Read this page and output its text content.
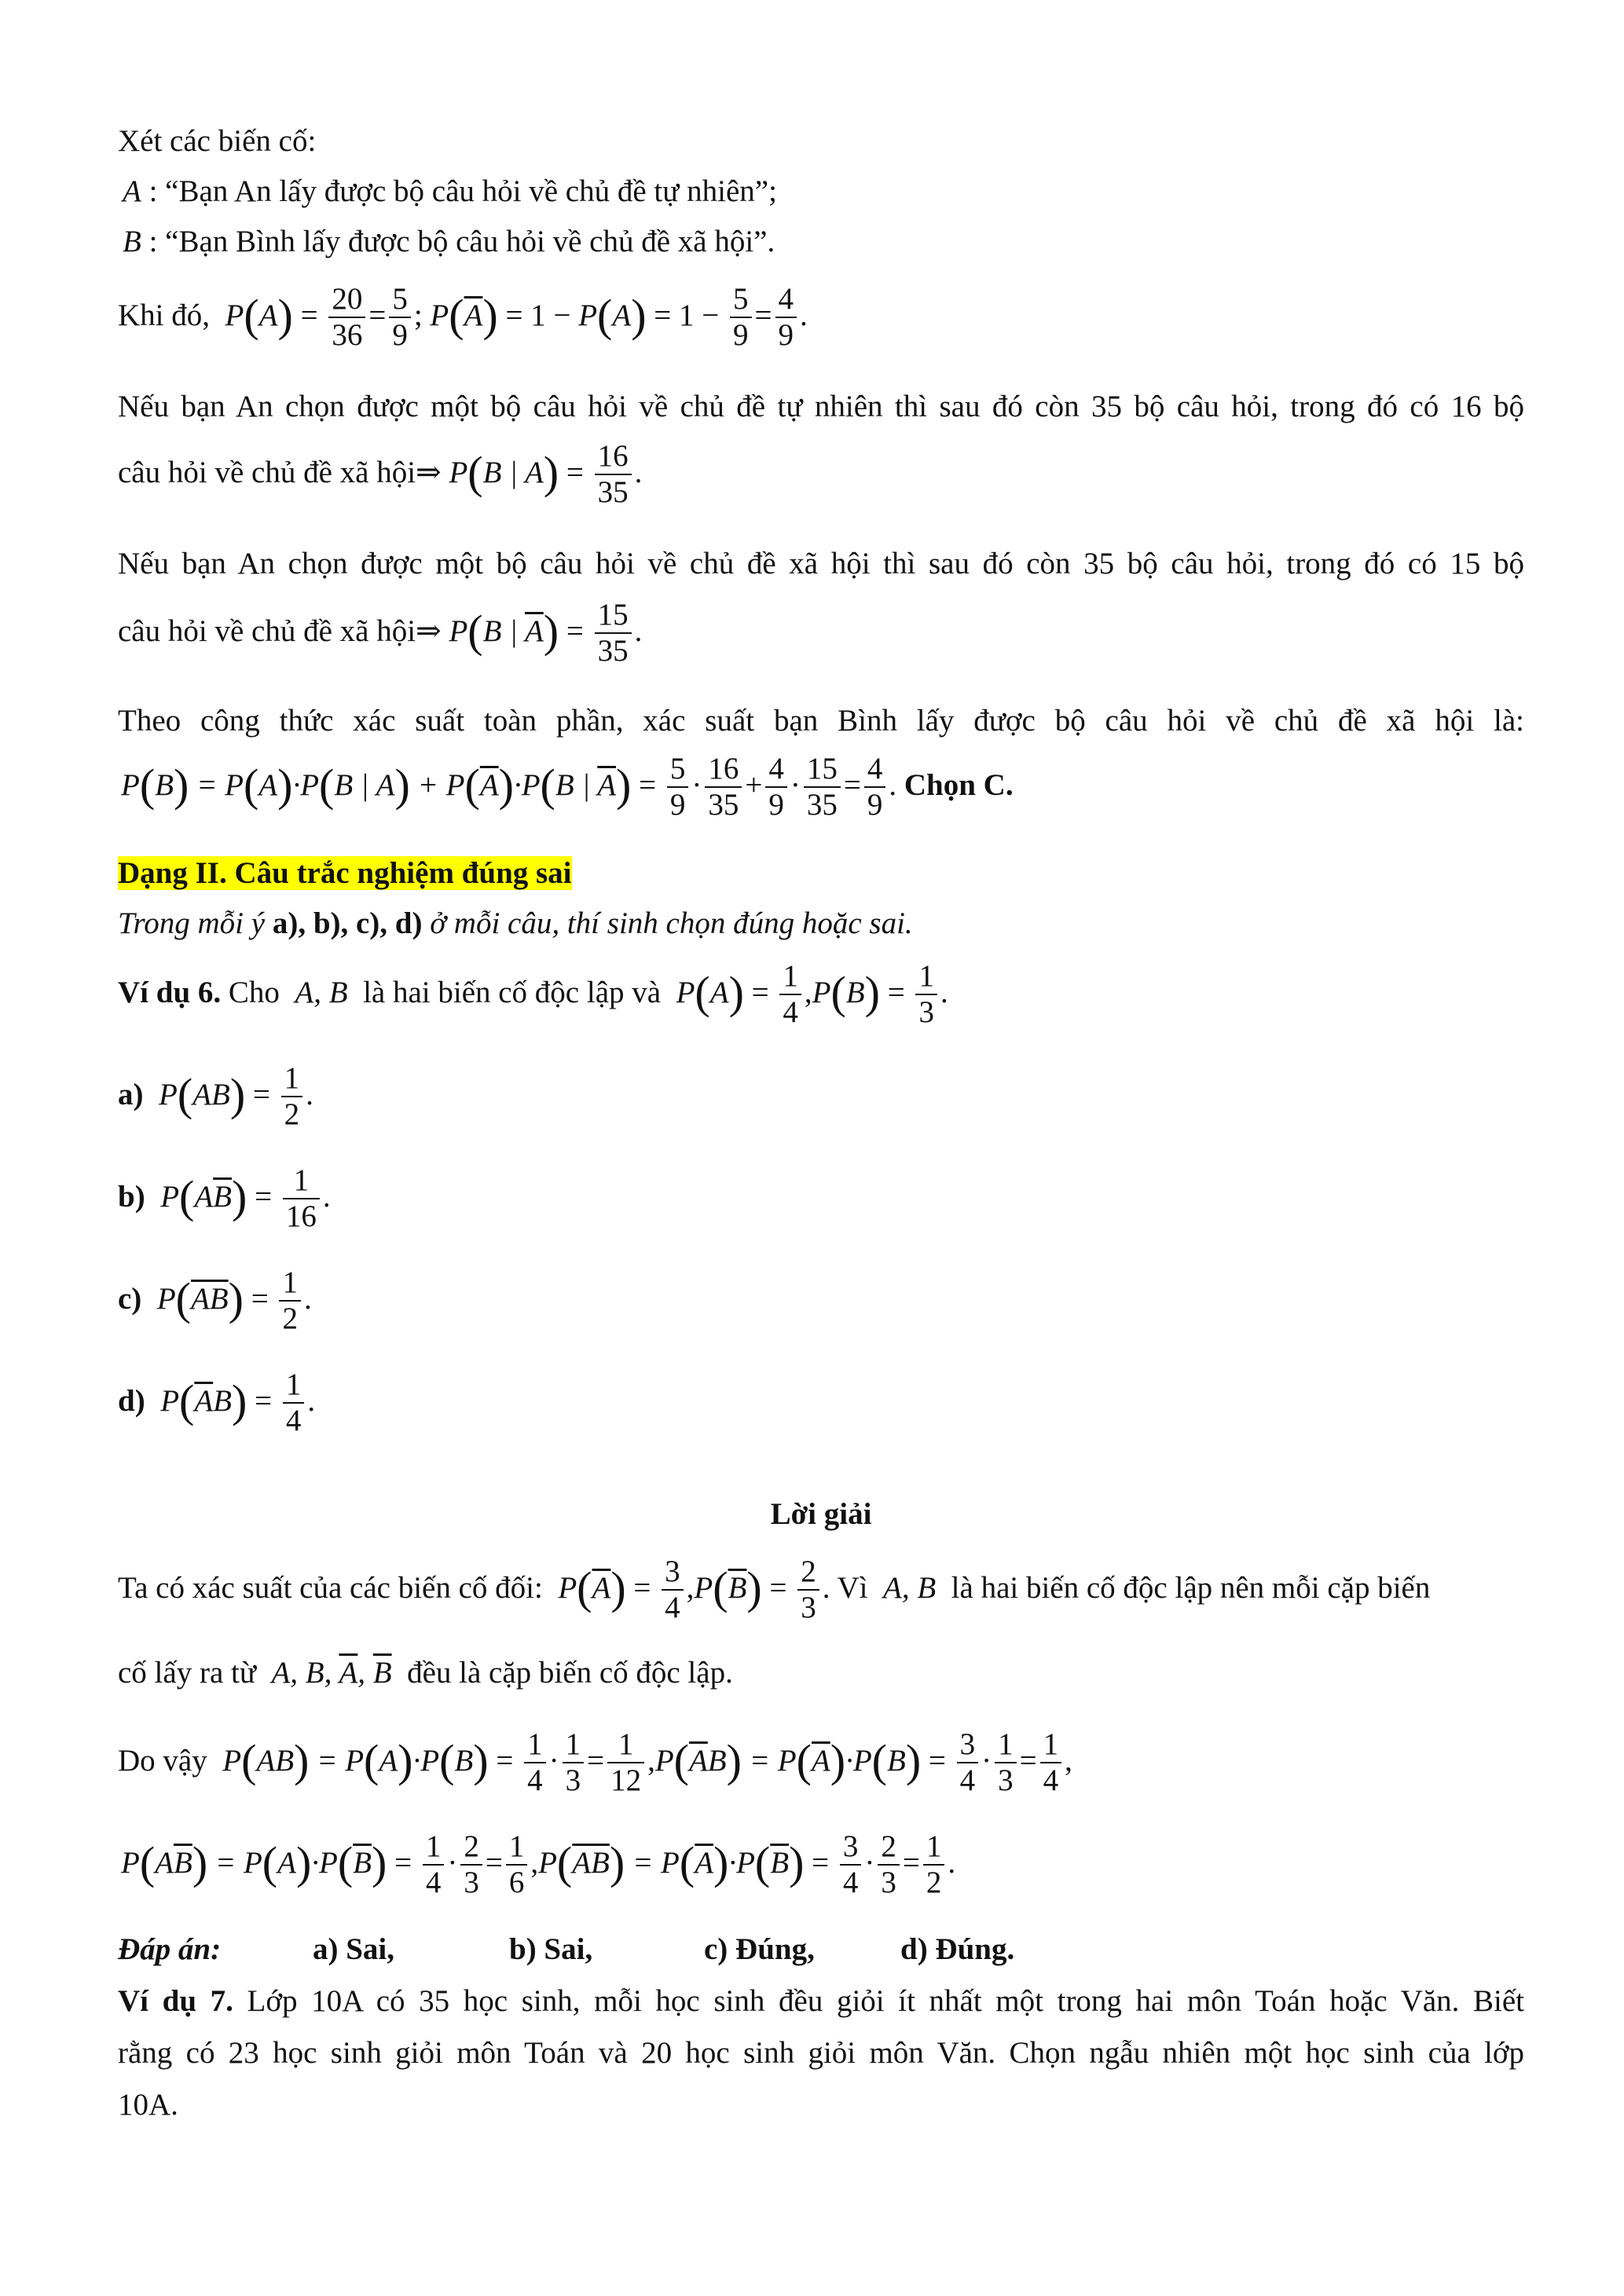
Xét các biến cố:
A : “Bạn An lấy được bộ câu hỏi về chủ đề tự nhiên”;
B : “Bạn Bình lấy được bộ câu hỏi về chủ đề xã hội”.
Khi đó,  $P(A) = \frac{20}{36} = \frac{5}{9}$ ; $P(\overline{A}) = 1 - P(A) = 1 - \frac{5}{9} = \frac{4}{9}$ .
Nếu bạn An chọn được một bộ câu hỏi về chủ đề tự nhiên thì sau đó còn 35 bộ câu hỏi, trong đó có 16 bộ
câu hỏi về chủ đề xã hội⇒ P(B | $A) = \frac{16}{35}$ .
Nếu bạn An chọn được một bộ câu hỏi về chủ đề xã hội thì sau đó còn 35 bộ câu hỏi, trong đó có 15 bộ
câu hỏi về chủ đề xã hội⇒ P(B | $\overline{A}) = \frac{15}{35}$ .
Theo công thức xác suất toàn phần, xác suất bạn Bình lấy được bộ câu hỏi về chủ đề xã hội là:
P(B) = P(A)·P(B | $A) + P(\overline{A})\cdot P(B$ | $\overline{A}) = \frac{5}{9} \cdot \frac{16}{35} + \frac{4}{9} \cdot \frac{15}{35} = \frac{4}{9}$ . Chọn C.
Dạng II. Câu trắc nghiệm đúng sai
Trong mỗi ý a), b), c), d) ở mỗi câu, thí sinh chọn đúng hoặc sai.
Ví dụ 6. Cho  A, B  là hai biến cố độc lập và  $P(A) = \frac{1}{4} ,P(B) = \frac{1}{3}$ .
a)  $P(AB) = \frac{1}{2}$ .
b)  $P(A\overline{B}) = \frac{1}{16}$ .
c)  $P(\overline{AB}) = \frac{1}{2}$ .
d)  $P(\overline{A}B) = \frac{1}{4}$ .
Lời giải
Ta có xác suất của các biến cố đối:  $P(\overline{A}) = \frac{3}{4} ,P(\overline{B}) = \frac{2}{3}$ . Vì  A, B  là hai biến cố độc lập nên mỗi cặp biến
cố lấy ra từ  A, B, $\overline{A}$, $\overline{B}$ đều là cặp biến cố độc lập.
Do vậy  $P(AB) = P(A)\cdot P(B) = \frac{1}{4} \cdot \frac{1}{3} = \frac{1}{12} ,P(\overline{A}B) = P(\overline{A})\cdot P(B) = \frac{3}{4} \cdot \frac{1}{3} = \frac{1}{4}$ ,
$P(A\overline{B}) = P(A)\cdot P(\overline{B}) = \frac{1}{4} \cdot \frac{2}{3} = \frac{1}{6} ,P(\overline{AB}) = P(\overline{A})\cdot P(\overline{B}) = \frac{3}{4} \cdot \frac{2}{3} = \frac{1}{2}$ .
Đáp án:	a) Sai,	b) Sai,	c) Đúng,	d) Đúng.
Ví dụ 7. Lớp 10A có 35 học sinh, mỗi học sinh đều giỏi ít nhất một trong hai môn Toán hoặc Văn. Biết
rằng có 23 học sinh giỏi môn Toán và 20 học sinh giỏi môn Văn. Chọn ngẫu nhiên một học sinh của lớp
10A.
